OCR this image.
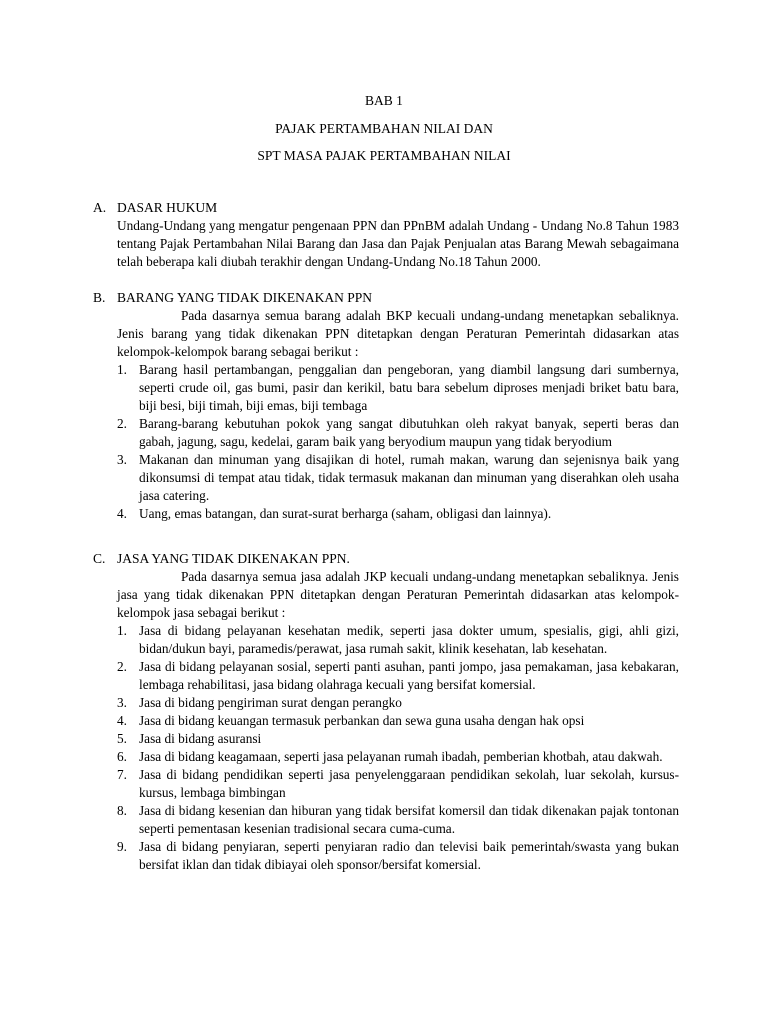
BAB 1
PAJAK PERTAMBAHAN NILAI DAN
SPT MASA PAJAK PERTAMBAHAN NILAI
A. DASAR HUKUM
Undang-Undang yang mengatur pengenaan PPN dan PPnBM adalah Undang - Undang No.8 Tahun 1983 tentang Pajak Pertambahan Nilai Barang dan Jasa dan Pajak Penjualan atas Barang Mewah sebagaimana telah beberapa kali diubah terakhir dengan Undang-Undang No.18 Tahun 2000.
B. BARANG YANG TIDAK DIKENAKAN PPN
Pada dasarnya semua barang adalah BKP kecuali undang-undang menetapkan sebaliknya. Jenis barang yang tidak dikenakan PPN ditetapkan dengan Peraturan Pemerintah didasarkan atas kelompok-kelompok barang sebagai berikut :
1. Barang hasil pertambangan, penggalian dan pengeboran, yang diambil langsung dari sumbernya, seperti crude oil, gas bumi, pasir dan kerikil, batu bara sebelum diproses menjadi briket batu bara, biji besi, biji timah, biji emas, biji tembaga
2. Barang-barang kebutuhan pokok yang sangat dibutuhkan oleh rakyat banyak, seperti beras dan gabah, jagung, sagu, kedelai, garam baik yang beryodium maupun yang tidak beryodium
3. Makanan dan minuman yang disajikan di hotel, rumah makan, warung dan sejenisnya baik yang dikonsumsi di tempat atau tidak, tidak termasuk makanan dan minuman yang diserahkan oleh usaha jasa catering.
4. Uang, emas batangan, dan surat-surat berharga (saham, obligasi dan lainnya).
C. JASA YANG TIDAK DIKENAKAN PPN.
Pada dasarnya semua jasa adalah JKP kecuali undang-undang menetapkan sebaliknya. Jenis jasa yang tidak dikenakan PPN ditetapkan dengan Peraturan Pemerintah didasarkan atas kelompok-kelompok jasa sebagai berikut :
1. Jasa di bidang pelayanan kesehatan medik, seperti jasa dokter umum, spesialis, gigi, ahli gizi, bidan/dukun bayi, paramedis/perawat, jasa rumah sakit, klinik kesehatan, lab kesehatan.
2. Jasa di bidang pelayanan sosial, seperti panti asuhan, panti jompo, jasa pemakaman, jasa kebakaran, lembaga rehabilitasi, jasa bidang olahraga kecuali yang bersifat komersial.
3. Jasa di bidang pengiriman surat dengan perangko
4. Jasa di bidang keuangan termasuk perbankan dan sewa guna usaha dengan hak opsi
5. Jasa di bidang asuransi
6. Jasa di bidang keagamaan, seperti jasa pelayanan rumah ibadah, pemberian khotbah, atau dakwah.
7. Jasa di bidang pendidikan seperti jasa penyelenggaraan pendidikan sekolah, luar sekolah, kursus-kursus, lembaga bimbingan
8. Jasa di bidang kesenian dan hiburan yang tidak bersifat komersil dan tidak dikenakan pajak tontonan seperti pementasan kesenian tradisional secara cuma-cuma.
9. Jasa di bidang penyiaran, seperti penyiaran radio dan televisi baik pemerintah/swasta yang bukan bersifat iklan dan tidak dibiayai oleh sponsor/bersifat komersial.
